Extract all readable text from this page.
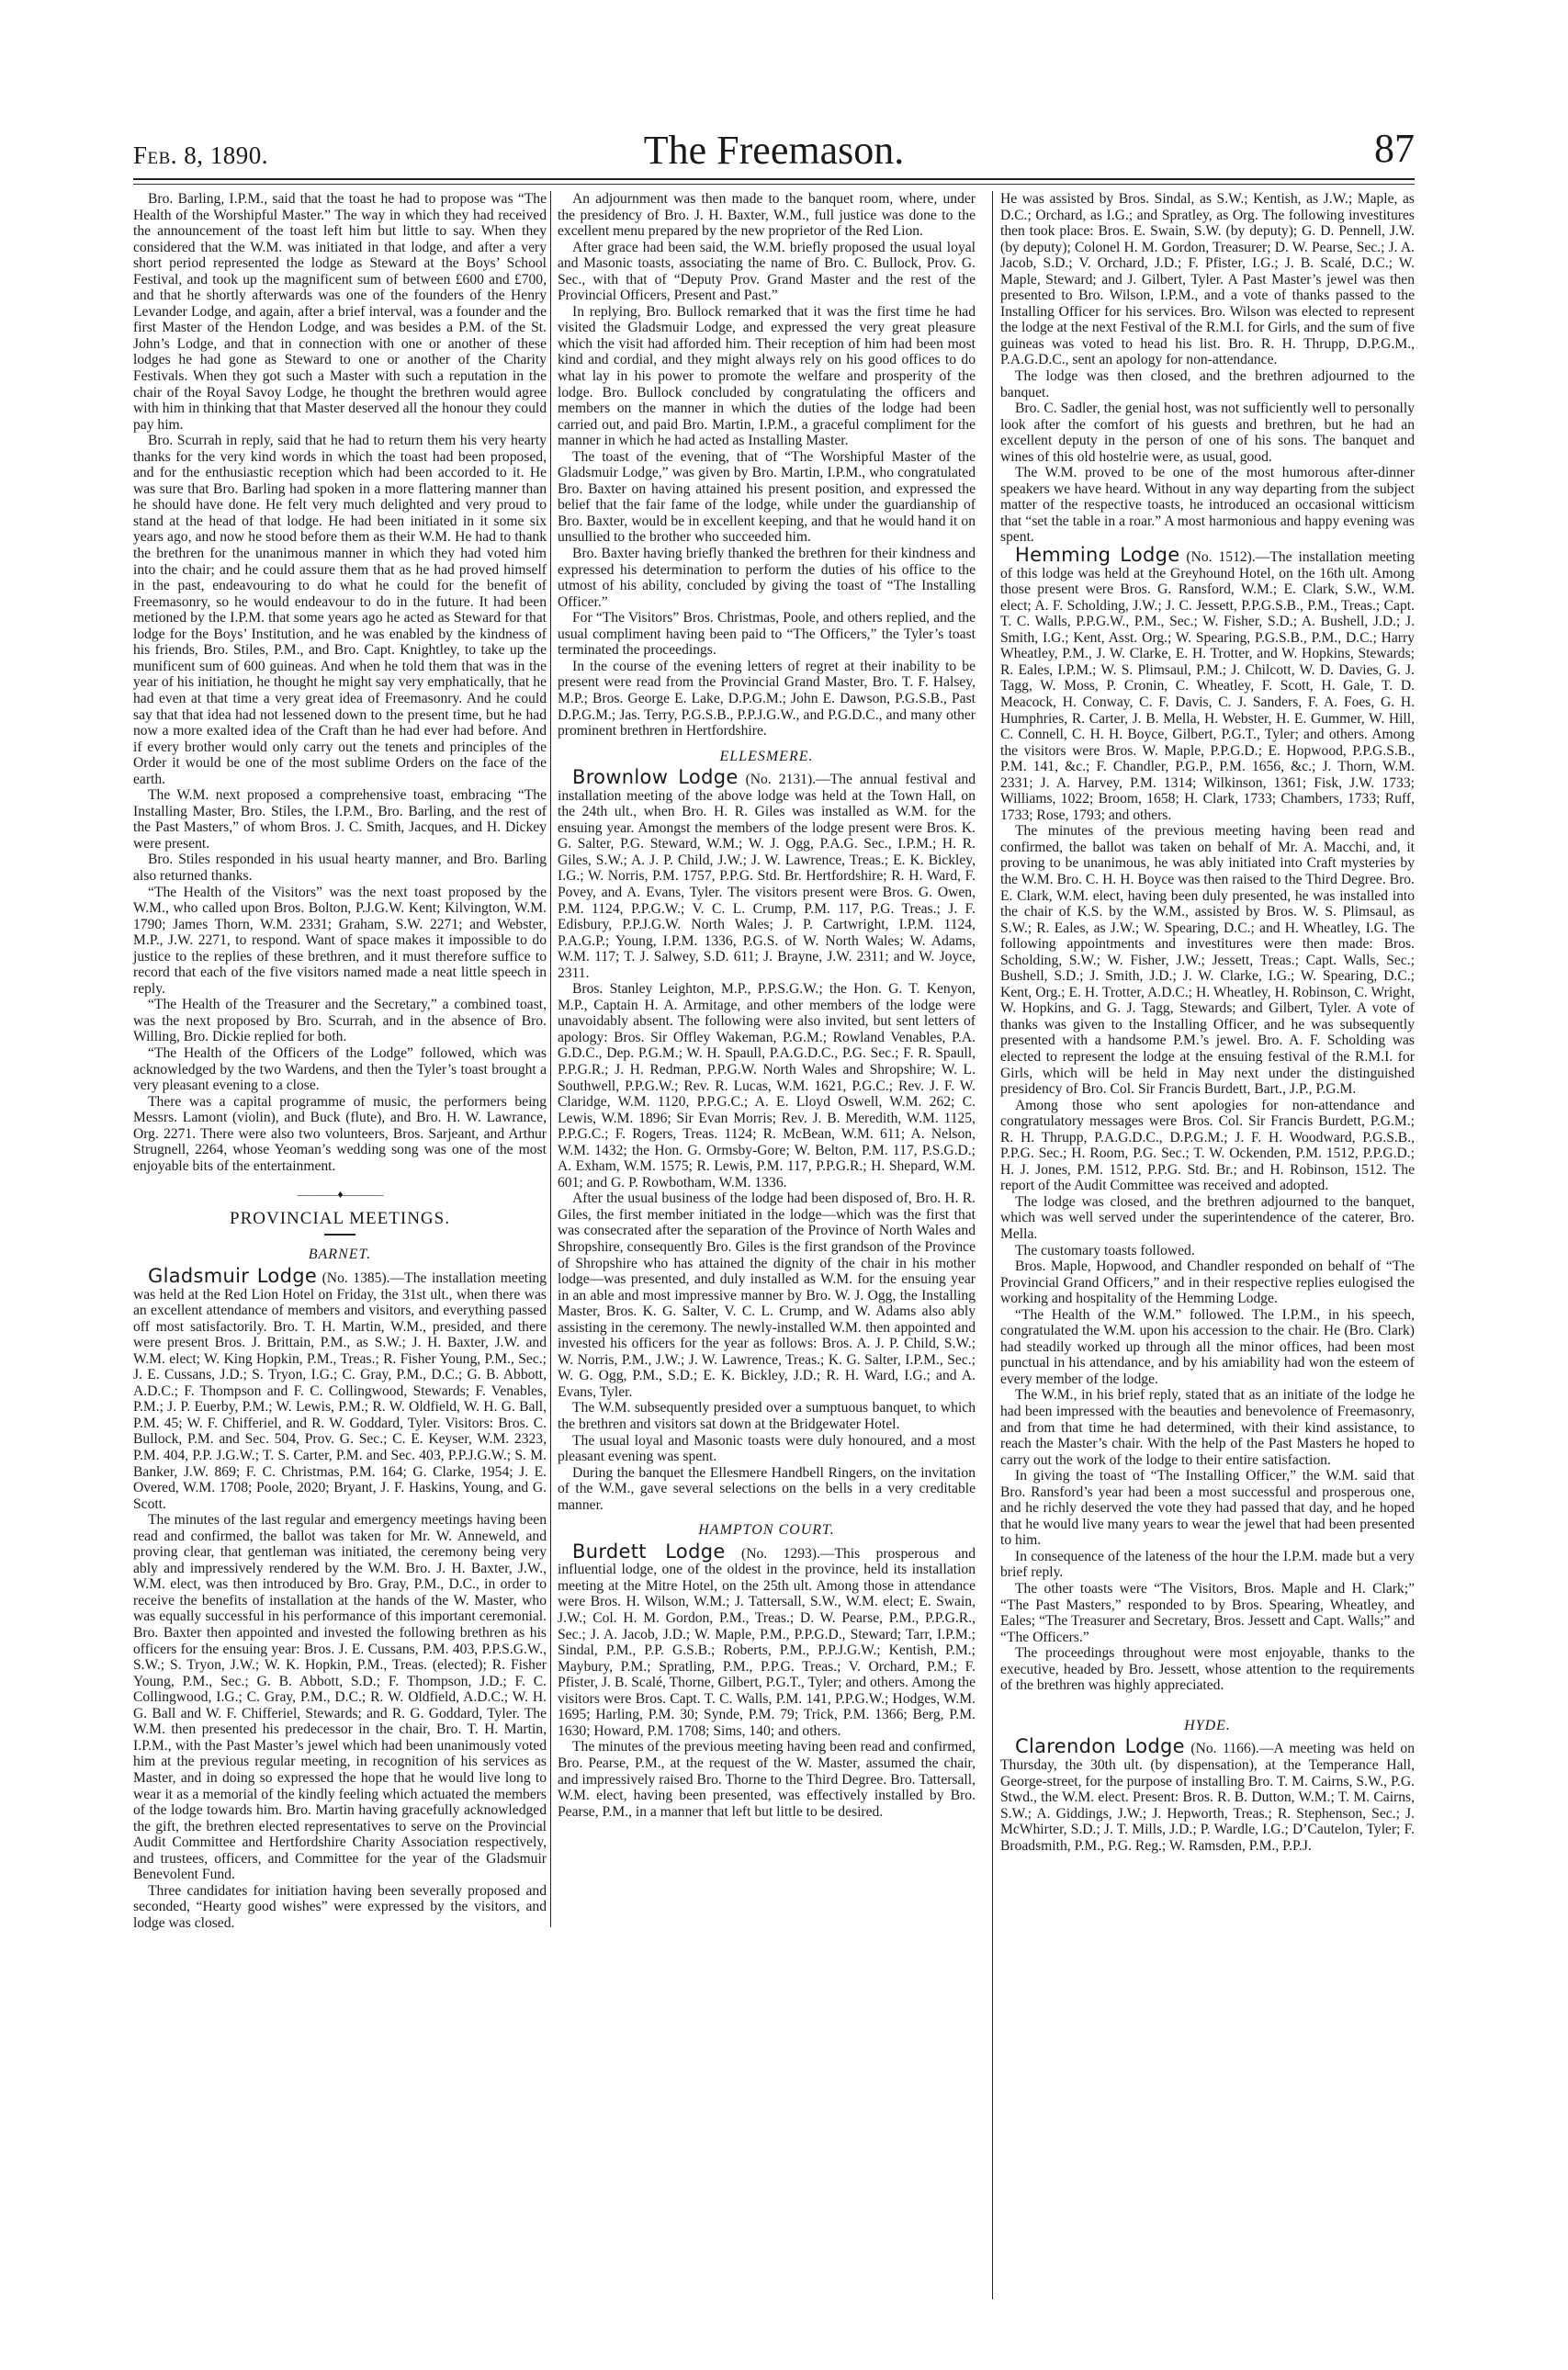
Feb. 8, 1890.	The Freemason.	87

Bro. Barling, I.P.M., said that the toast he had to propose was “The Health of the Worshipful Master.” The way in which they had received the announcement of the toast left him but little to say. When they considered that the W.M. was initiated in that lodge, and after a very short period represented the lodge as Steward at the Boys’ School Festival, and took up the magnificent sum of between £600 and £700, and that he shortly afterwards was one of the founders of the Henry Levander Lodge, and again, after a brief interval, was a founder and the first Master of the Hendon Lodge, and was besides a P.M. of the St. John’s Lodge, and that in connection with one or another of these lodges he had gone as Steward to one or another of the Charity Festivals. When they got such a Master with such a reputation in the chair of the Royal Savoy Lodge, he thought the brethren would agree with him in thinking that that Master deserved all the honour they could pay him.

Bro. Scurrah in reply, said that he had to return them his very hearty thanks for the very kind words in which the toast had been proposed, and for the enthusiastic reception which had been accorded to it. He was sure that Bro. Barling had spoken in a more flattering manner than he should have done. He felt very much delighted and very proud to stand at the head of that lodge. He had been initiated in it some six years ago, and now he stood before them as their W.M. He had to thank the brethren for the unanimous manner in which they had voted him into the chair; and he could assure them that as he had proved himself in the past, endeavouring to do what he could for the benefit of Freemasonry, so he would endeavour to do in the future. It had been metioned by the I.P.M. that some years ago he acted as Steward for that lodge for the Boys’ Institution, and he was enabled by the kindness of his friends, Bro. Stiles, P.M., and Bro. Capt. Knightley, to take up the munificent sum of 600 guineas. And when he told them that was in the year of his initiation, he thought he might say very emphatically, that he had even at that time a very great idea of Freemasonry. And he could say that that idea had not lessened down to the present time, but he had now a more exalted idea of the Craft than he had ever had before. And if every brother would only carry out the tenets and principles of the Order it would be one of the most sublime Orders on the face of the earth.

The W.M. next proposed a comprehensive toast, embracing “The Installing Master, Bro. Stiles, the I.P.M., Bro. Barling, and the rest of the Past Masters,” of whom Bros. J. C. Smith, Jacques, and H. Dickey were present.

Bro. Stiles responded in his usual hearty manner, and Bro. Barling also returned thanks.

“The Health of the Visitors” was the next toast proposed by the W.M., who called upon Bros. Bolton, P.J.G.W. Kent; Kilvington, W.M. 1790; James Thorn, W.M. 2331; Graham, S.W. 2271; and Webster, M.P., J.W. 2271, to respond. Want of space makes it impossible to do justice to the replies of these brethren, and it must therefore suffice to record that each of the five visitors named made a neat little speech in reply.

“The Health of the Treasurer and the Secretary,” a combined toast, was the next proposed by Bro. Scurrah, and in the absence of Bro. Willing, Bro. Dickie replied for both.

“The Health of the Officers of the Lodge” followed, which was acknowledged by the two Wardens, and then the Tyler’s toast brought a very pleasant evening to a close.

There was a capital programme of music, the performers being Messrs. Lamont (violin), and Buck (flute), and Bro. H. W. Lawrance, Org. 2271. There were also two volunteers, Bros. Sarjeant, and Arthur Strugnell, 2264, whose Yeoman’s wedding song was one of the most enjoyable bits of the entertainment.

————♦————
PROVINCIAL MEETINGS.
BARNET.

Gladsmuir Lodge (No. 1385).—The installation meeting was held at the Red Lion Hotel on Friday, the 31st ult., when there was an excellent attendance of members and visitors, and everything passed off most satisfactorily. Bro. T. H. Martin, W.M., presided, and there were present Bros. J. Brittain, P.M., as S.W.; J. H. Baxter, J.W. and W.M. elect; W. King Hopkin, P.M., Treas.; R. Fisher Young, P.M., Sec.; J. E. Cussans, J.D.; S. Tryon, I.G.; C. Gray, P.M., D.C.; G. B. Abbott, A.D.C.; F. Thompson and F. C. Collingwood, Stewards; F. Venables, P.M.; J. P. Euerby, P.M.; W. Lewis, P.M.; R. W. Oldfield, W. H. G. Ball, P.M. 45; W. F. Chifferiel, and R. W. Goddard, Tyler. Visitors: Bros. C. Bullock, P.M. and Sec. 504, Prov. G. Sec.; C. E. Keyser, W.M. 2323, P.M. 404, P.P. J.G.W.; T. S. Carter, P.M. and Sec. 403, P.P.J.G.W.; S. M. Banker, J.W. 869; F. C. Christmas, P.M. 164; G. Clarke, 1954; J. E. Overed, W.M. 1708; Poole, 2020; Bryant, J. F. Haskins, Young, and G. Scott.

The minutes of the last regular and emergency meetings having been read and confirmed, the ballot was taken for Mr. W. Anneweld, and proving clear, that gentleman was initiated, the ceremony being very ably and impressively rendered by the W.M. Bro. J. H. Baxter, J.W., W.M. elect, was then introduced by Bro. Gray, P.M., D.C., in order to receive the benefits of installation at the hands of the W. Master, who was equally successful in his performance of this important ceremonial. Bro. Baxter then appointed and invested the following brethren as his officers for the ensuing year: Bros. J. E. Cussans, P.M. 403, P.P.S.G.W., S.W.; S. Tryon, J.W.; W. K. Hopkin, P.M., Treas. (elected); R. Fisher Young, P.M., Sec.; G. B. Abbott, S.D.; F. Thompson, J.D.; F. C. Collingwood, I.G.; C. Gray, P.M., D.C.; R. W. Oldfield, A.D.C.; W. H. G. Ball and W. F. Chifferiel, Stewards; and R. G. Goddard, Tyler. The W.M. then presented his predecessor in the chair, Bro. T. H. Martin, I.P.M., with the Past Master’s jewel which had been unanimously voted him at the previous regular meeting, in recognition of his services as Master, and in doing so expressed the hope that he would live long to wear it as a memorial of the kindly feeling which actuated the members of the lodge towards him. Bro. Martin having gracefully acknowledged the gift, the brethren elected representatives to serve on the Provincial Audit Committee and Hertfordshire Charity Association respectively, and trustees, officers, and Committee for the year of the Gladsmuir Benevolent Fund.

Three candidates for initiation having been severally proposed and seconded, “Hearty good wishes” were expressed by the visitors, and lodge was closed.

An adjournment was then made to the banquet room, where, under the presidency of Bro. J. H. Baxter, W.M., full justice was done to the excellent menu prepared by the new proprietor of the Red Lion.

After grace had been said, the W.M. briefly proposed the usual loyal and Masonic toasts, associating the name of Bro. C. Bullock, Prov. G. Sec., with that of “Deputy Prov. Grand Master and the rest of the Provincial Officers, Present and Past.”

In replying, Bro. Bullock remarked that it was the first time he had visited the Gladsmuir Lodge, and expressed the very great pleasure which the visit had afforded him. Their reception of him had been most kind and cordial, and they might always rely on his good offices to do what lay in his power to promote the welfare and prosperity of the lodge. Bro. Bullock concluded by congratulating the officers and members on the manner in which the duties of the lodge had been carried out, and paid Bro. Martin, I.P.M., a graceful compliment for the manner in which he had acted as Installing Master.

The toast of the evening, that of “The Worshipful Master of the Gladsmuir Lodge,” was given by Bro. Martin, I.P.M., who congratulated Bro. Baxter on having attained his present position, and expressed the belief that the fair fame of the lodge, while under the guardianship of Bro. Baxter, would be in excellent keeping, and that he would hand it on unsullied to the brother who succeeded him.

Bro. Baxter having briefly thanked the brethren for their kindness and expressed his determination to perform the duties of his office to the utmost of his ability, concluded by giving the toast of “The Installing Officer.”

For “The Visitors” Bros. Christmas, Poole, and others replied, and the usual compliment having been paid to “The Officers,” the Tyler’s toast terminated the proceedings.

In the course of the evening letters of regret at their inability to be present were read from the Provincial Grand Master, Bro. T. F. Halsey, M.P.; Bros. George E. Lake, D.P.G.M.; John E. Dawson, P.G.S.B., Past D.P.G.M.; Jas. Terry, P.G.S.B., P.P.J.G.W., and P.G.D.C., and many other prominent brethren in Hertfordshire.

ELLESMERE.

Brownlow Lodge (No. 2131).—The annual festival and installation meeting of the above lodge was held at the Town Hall, on the 24th ult., when Bro. H. R. Giles was installed as W.M. for the ensuing year. Amongst the members of the lodge present were Bros. K. G. Salter, P.G. Steward, W.M.; W. J. Ogg, P.A.G. Sec., I.P.M.; H. R. Giles, S.W.; A. J. P. Child, J.W.; J. W. Lawrence, Treas.; E. K. Bickley, I.G.; W. Norris, P.M. 1757, P.P.G. Std. Br. Hertfordshire; R. H. Ward, F. Povey, and A. Evans, Tyler. The visitors present were Bros. G. Owen, P.M. 1124, P.P.G.W.; V. C. L. Crump, P.M. 117, P.G. Treas.; J. F. Edisbury, P.P.J.G.W. North Wales; J. P. Cartwright, I.P.M. 1124, P.A.G.P.; Young, I.P.M. 1336, P.G.S. of W. North Wales; W. Adams, W.M. 117; T. J. Salwey, S.D. 611; J. Brayne, J.W. 2311; and W. Joyce, 2311.

Bros. Stanley Leighton, M.P., P.P.S.G.W.; the Hon. G. T. Kenyon, M.P., Captain H. A. Armitage, and other members of the lodge were unavoidably absent. The following were also invited, but sent letters of apology: Bros. Sir Offley Wakeman, P.G.M.; Rowland Venables, P.A. G.D.C., Dep. P.G.M.; W. H. Spaull, P.A.G.D.C., P.G. Sec.; F. R. Spaull, P.P.G.R.; J. H. Redman, P.P.G.W. North Wales and Shropshire; W. L. Southwell, P.P.G.W.; Rev. R. Lucas, W.M. 1621, P.G.C.; Rev. J. F. W. Claridge, W.M. 1120, P.P.G.C.; A. E. Lloyd Oswell, W.M. 262; C. Lewis, W.M. 1896; Sir Evan Morris; Rev. J. B. Meredith, W.M. 1125, P.P.G.C.; F. Rogers, Treas. 1124; R. McBean, W.M. 611; A. Nelson, W.M. 1432; the Hon. G. Ormsby-Gore; W. Belton, P.M. 117, P.S.G.D.; A. Exham, W.M. 1575; R. Lewis, P.M. 117, P.P.G.R.; H. Shepard, W.M. 601; and G. P. Rowbotham, W.M. 1336.

After the usual business of the lodge had been disposed of, Bro. H. R. Giles, the first member initiated in the lodge—which was the first that was consecrated after the separation of the Province of North Wales and Shropshire, consequently Bro. Giles is the first grandson of the Province of Shropshire who has attained the dignity of the chair in his mother lodge—was presented, and duly installed as W.M. for the ensuing year in an able and most impressive manner by Bro. W. J. Ogg, the Installing Master, Bros. K. G. Salter, V. C. L. Crump, and W. Adams also ably assisting in the ceremony. The newly-installed W.M. then appointed and invested his officers for the year as follows: Bros. A. J. P. Child, S.W.; W. Norris, P.M., J.W.; J. W. Lawrence, Treas.; K. G. Salter, I.P.M., Sec.; W. G. Ogg, P.M., S.D.; E. K. Bickley, J.D.; R. H. Ward, I.G.; and A. Evans, Tyler.

The W.M. subsequently presided over a sumptuous banquet, to which the brethren and visitors sat down at the Bridgewater Hotel.

The usual loyal and Masonic toasts were duly honoured, and a most pleasant evening was spent.

During the banquet the Ellesmere Handbell Ringers, on the invitation of the W.M., gave several selections on the bells in a very creditable manner.

HAMPTON COURT.

Burdett Lodge (No. 1293).—This prosperous and influential lodge, one of the oldest in the province, held its installation meeting at the Mitre Hotel, on the 25th ult. Among those in attendance were Bros. H. Wilson, W.M.; J. Tattersall, S.W., W.M. elect; E. Swain, J.W.; Col. H. M. Gordon, P.M., Treas.; D. W. Pearse, P.M., P.P.G.R., Sec.; J. A. Jacob, J.D.; W. Maple, P.M., P.P.G.D., Steward; Tarr, I.P.M.; Sindal, P.M., P.P. G.S.B.; Roberts, P.M., P.P.J.G.W.; Kentish, P.M.; Maybury, P.M.; Spratling, P.M., P.P.G. Treas.; V. Orchard, P.M.; F. Pfister, J. B. Scalé, Thorne, Gilbert, P.G.T., Tyler; and others. Among the visitors were Bros. Capt. T. C. Walls, P.M. 141, P.P.G.W.; Hodges, W.M. 1695; Harling, P.M. 30; Synde, P.M. 79; Trick, P.M. 1366; Berg, P.M. 1630; Howard, P.M. 1708; Sims, 140; and others.

The minutes of the previous meeting having been read and confirmed, Bro. Pearse, P.M., at the request of the W. Master, assumed the chair, and impressively raised Bro. Thorne to the Third Degree. Bro. Tattersall, W.M. elect, having been presented, was effectively installed by Bro. Pearse, P.M., in a manner that left but little to be desired.

He was assisted by Bros. Sindal, as S.W.; Kentish, as J.W.; Maple, as D.C.; Orchard, as I.G.; and Spratley, as Org. The following investitures then took place: Bros. E. Swain, S.W. (by deputy); G. D. Pennell, J.W. (by deputy); Colonel H. M. Gordon, Treasurer; D. W. Pearse, Sec.; J. A. Jacob, S.D.; V. Orchard, J.D.; F. Pfister, I.G.; J. B. Scalé, D.C.; W. Maple, Steward; and J. Gilbert, Tyler. A Past Master’s jewel was then presented to Bro. Wilson, I.P.M., and a vote of thanks passed to the Installing Officer for his services. Bro. Wilson was elected to represent the lodge at the next Festival of the R.M.I. for Girls, and the sum of five guineas was voted to head his list. Bro. R. H. Thrupp, D.P.G.M., P.A.G.D.C., sent an apology for non-attendance.

The lodge was then closed, and the brethren adjourned to the banquet.

Bro. C. Sadler, the genial host, was not sufficiently well to personally look after the comfort of his guests and brethren, but he had an excellent deputy in the person of one of his sons. The banquet and wines of this old hostelrie were, as usual, good.

The W.M. proved to be one of the most humorous after-dinner speakers we have heard. Without in any way departing from the subject matter of the respective toasts, he introduced an occasional witticism that “set the table in a roar.” A most harmonious and happy evening was spent.

Hemming Lodge (No. 1512).—The installation meeting of this lodge was held at the Greyhound Hotel, on the 16th ult. Among those present were Bros. G. Ransford, W.M.; E. Clark, S.W., W.M. elect; A. F. Scholding, J.W.; J. C. Jessett, P.P.G.S.B., P.M., Treas.; Capt. T. C. Walls, P.P.G.W., P.M., Sec.; W. Fisher, S.D.; A. Bushell, J.D.; J. Smith, I.G.; Kent, Asst. Org.; W. Spearing, P.G.S.B., P.M., D.C.; Harry Wheatley, P.M., J. W. Clarke, E. H. Trotter, and W. Hopkins, Stewards; R. Eales, I.P.M.; W. S. Plimsaul, P.M.; J. Chilcott, W. D. Davies, G. J. Tagg, W. Moss, P. Cronin, C. Wheatley, F. Scott, H. Gale, T. D. Meacock, H. Conway, C. F. Davis, C. J. Sanders, F. A. Foes, G. H. Humphries, R. Carter, J. B. Mella, H. Webster, H. E. Gummer, W. Hill, C. Connell, C. H. H. Boyce, Gilbert, P.G.T., Tyler; and others. Among the visitors were Bros. W. Maple, P.P.G.D.; E. Hopwood, P.P.G.S.B., P.M. 141, &c.; F. Chandler, P.G.P., P.M. 1656, &c.; J. Thorn, W.M. 2331; J. A. Harvey, P.M. 1314; Wilkinson, 1361; Fisk, J.W. 1733; Williams, 1022; Broom, 1658; H. Clark, 1733; Chambers, 1733; Ruff, 1733; Rose, 1793; and others.

The minutes of the previous meeting having been read and confirmed, the ballot was taken on behalf of Mr. A. Macchi, and, it proving to be unanimous, he was ably initiated into Craft mysteries by the W.M. Bro. C. H. H. Boyce was then raised to the Third Degree. Bro. E. Clark, W.M. elect, having been duly presented, he was installed into the chair of K.S. by the W.M., assisted by Bros. W. S. Plimsaul, as S.W.; R. Eales, as J.W.; W. Spearing, D.C.; and H. Wheatley, I.G. The following appointments and investitures were then made: Bros. Scholding, S.W.; W. Fisher, J.W.; Jessett, Treas.; Capt. Walls, Sec.; Bushell, S.D.; J. Smith, J.D.; J. W. Clarke, I.G.; W. Spearing, D.C.; Kent, Org.; E. H. Trotter, A.D.C.; H. Wheatley, H. Robinson, C. Wright, W. Hopkins, and G. J. Tagg, Stewards; and Gilbert, Tyler. A vote of thanks was given to the Installing Officer, and he was subsequently presented with a handsome P.M.’s jewel. Bro. A. F. Scholding was elected to represent the lodge at the ensuing festival of the R.M.I. for Girls, which will be held in May next under the distinguished presidency of Bro. Col. Sir Francis Burdett, Bart., J.P., P.G.M.

Among those who sent apologies for non-attendance and congratulatory messages were Bros. Col. Sir Francis Burdett, P.G.M.; R. H. Thrupp, P.A.G.D.C., D.P.G.M.; J. F. H. Woodward, P.G.S.B., P.P.G. Sec.; H. Room, P.G. Sec.; T. W. Ockenden, P.M. 1512, P.P.G.D.; H. J. Jones, P.M. 1512, P.P.G. Std. Br.; and H. Robinson, 1512. The report of the Audit Committee was received and adopted.

The lodge was closed, and the brethren adjourned to the banquet, which was well served under the superintendence of the caterer, Bro. Mella.

The customary toasts followed.

Bros. Maple, Hopwood, and Chandler responded on behalf of “The Provincial Grand Officers,” and in their respective replies eulogised the working and hospitality of the Hemming Lodge.

“The Health of the W.M.” followed. The I.P.M., in his speech, congratulated the W.M. upon his accession to the chair. He (Bro. Clark) had steadily worked up through all the minor offices, had been most punctual in his attendance, and by his amiability had won the esteem of every member of the lodge.

The W.M., in his brief reply, stated that as an initiate of the lodge he had been impressed with the beauties and benevolence of Freemasonry, and from that time he had determined, with their kind assistance, to reach the Master’s chair. With the help of the Past Masters he hoped to carry out the work of the lodge to their entire satisfaction.

In giving the toast of “The Installing Officer,” the W.M. said that Bro. Ransford’s year had been a most successful and prosperous one, and he richly deserved the vote they had passed that day, and he hoped that he would live many years to wear the jewel that had been presented to him.

In consequence of the lateness of the hour the I.P.M. made but a very brief reply.

The other toasts were “The Visitors, Bros. Maple and H. Clark;” “The Past Masters,” responded to by Bros. Spearing, Wheatley, and Eales; “The Treasurer and Secretary, Bros. Jessett and Capt. Walls;” and “The Officers.”

The proceedings throughout were most enjoyable, thanks to the executive, headed by Bro. Jessett, whose attention to the requirements of the brethren was highly appreciated.

HYDE.

Clarendon Lodge (No. 1166).—A meeting was held on Thursday, the 30th ult. (by dispensation), at the Temperance Hall, George-street, for the purpose of installing Bro. T. M. Cairns, S.W., P.G. Stwd., the W.M. elect. Present: Bros. R. B. Dutton, W.M.; T. M. Cairns, S.W.; A. Giddings, J.W.; J. Hepworth, Treas.; R. Stephenson, Sec.; J. McWhirter, S.D.; J. T. Mills, J.D.; P. Wardle, I.G.; D’Cautelon, Tyler; F. Broadsmith, P.M., P.G. Reg.; W. Ramsden, P.M., P.P.J.
